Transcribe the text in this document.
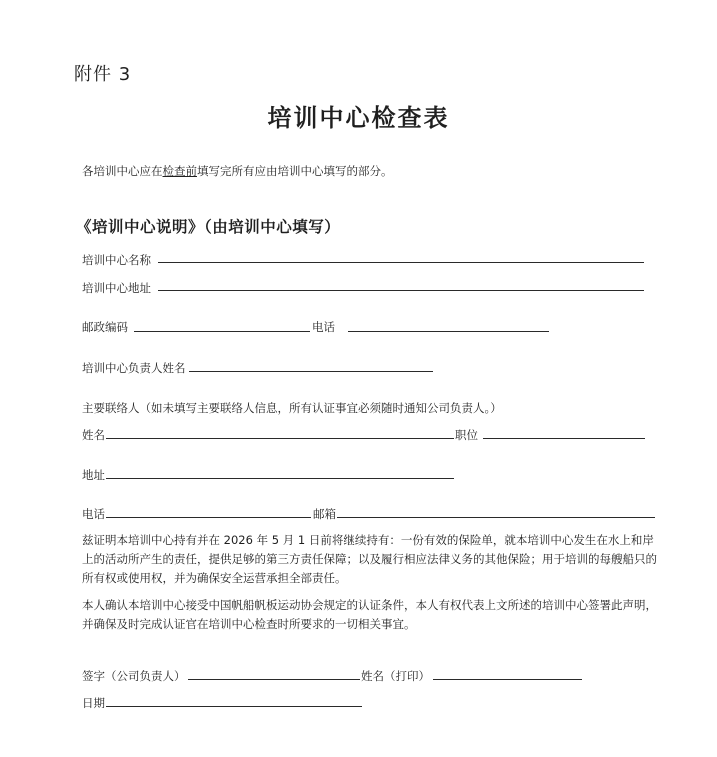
附件 3
培训中心检查表
各培训中心应在检查前填写完所有应由培训中心填写的部分。
《培训中心说明》（由培训中心填写）
培训中心名称
培训中心地址
邮政编码	电话
培训中心负责人姓名
主要联络人（如未填写主要联络人信息，所有认证事宜必须随时通知公司负责人。）
姓名	职位
地址
电话	邮箱
兹证明本培训中心持有并在 2026 年 5 月 1 日前将继续持有：一份有效的保险单，就本培训中心发生在水上和岸上的活动所产生的责任，提供足够的第三方责任保障；以及履行相应法律义务的其他保险；用于培训的每艘船只的所有权或使用权，并为确保安全运营承担全部责任。
本人确认本培训中心接受中国帆船帆板运动协会规定的认证条件，本人有权代表上文所述的培训中心签署此声明，并确保及时完成认证官在培训中心检查时所要求的一切相关事宜。
签字（公司负责人）	姓名（打印）
日期
